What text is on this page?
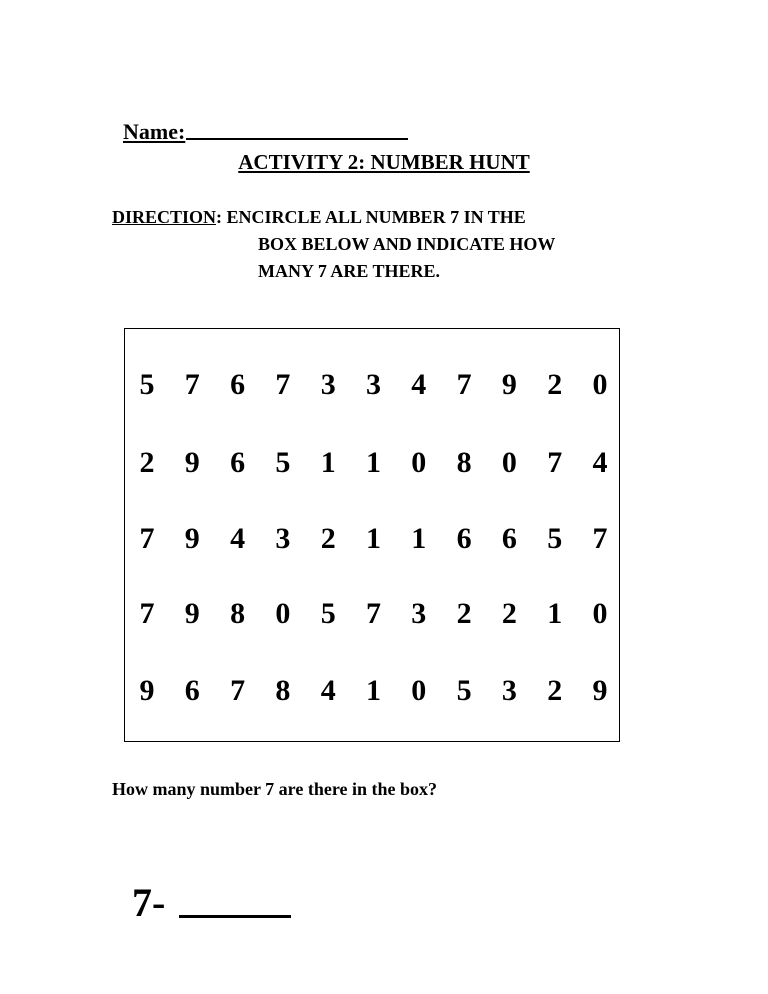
Name:

ACTIVITY 2: NUMBER HUNT
DIRECTION: ENCIRCLE ALL NUMBER 7 IN THE
BOX BELOW AND INDICATE HOW
MANY 7 ARE THERE.
5	7	6	7	3	3	4	7	9	2	0
2	9	6	5	1	1	0	8	0	7	4
7	9	4	3	2	1	1	6	6	5	7
7	9	8	0	5	7	3	2	2	1	0
9	6	7	8	4	1	0	5	3	2	9
How many number 7 are there in the box?

7-
